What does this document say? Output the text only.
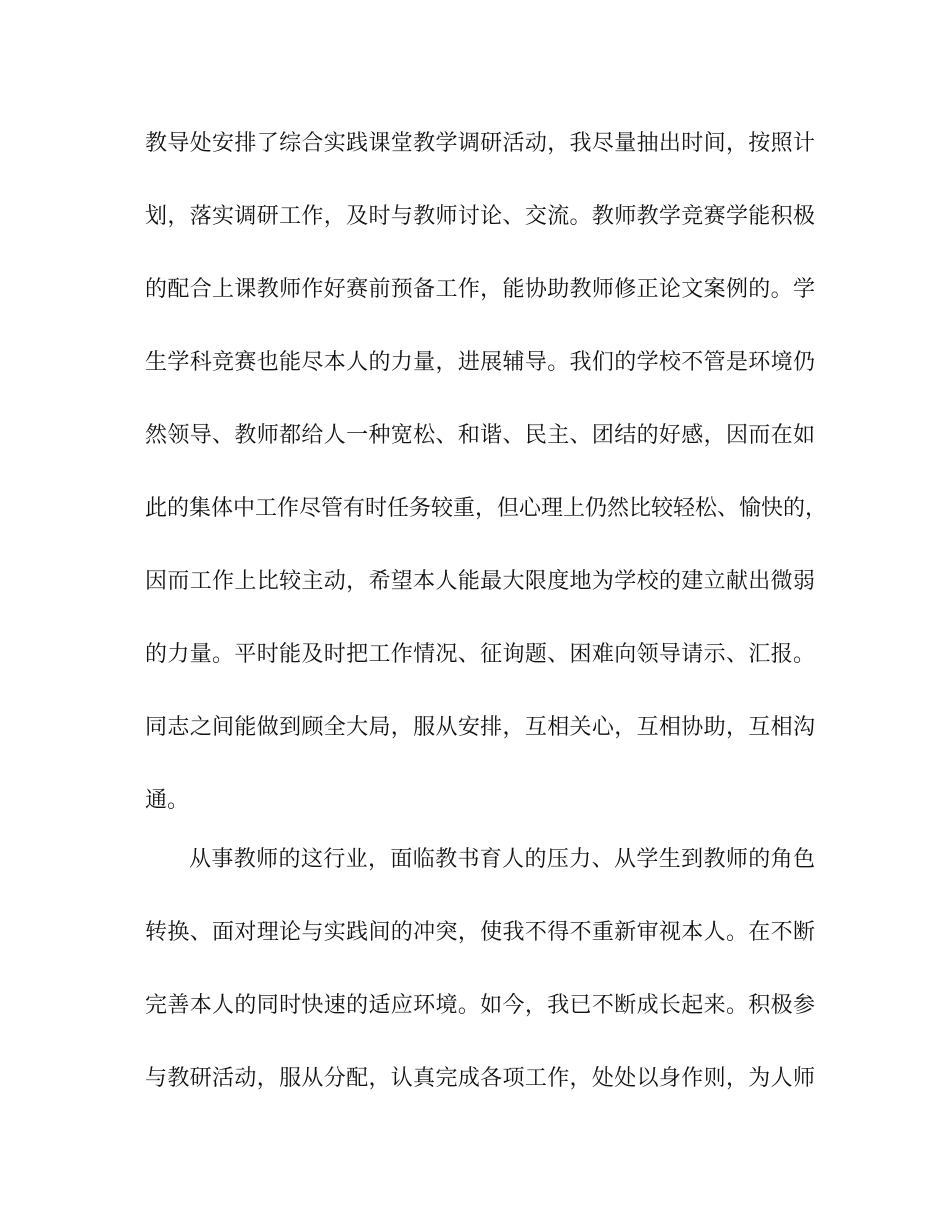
教导处安排了综合实践课堂教学调研活动，我尽量抽出时间，按照计
划，落实调研工作，及时与教师讨论、交流。教师教学竞赛学能积极
的配合上课教师作好赛前预备工作，能协助教师修正论文案例的。学
生学科竞赛也能尽本人的力量，进展辅导。我们的学校不管是环境仍
然领导、教师都给人一种宽松、和谐、民主、团结的好感，因而在如
此的集体中工作尽管有时任务较重，但心理上仍然比较轻松、愉快的，
因而工作上比较主动，希望本人能最大限度地为学校的建立献出微弱
的力量。平时能及时把工作情况、征询题、困难向领导请示、汇报。
同志之间能做到顾全大局，服从安排，互相关心，互相协助，互相沟
通。
从事教师的这行业，面临教书育人的压力、从学生到教师的角色
转换、面对理论与实践间的冲突，使我不得不重新审视本人。在不断
完善本人的同时快速的适应环境。如今，我已不断成长起来。积极参
与教研活动，服从分配，认真完成各项工作，处处以身作则，为人师
